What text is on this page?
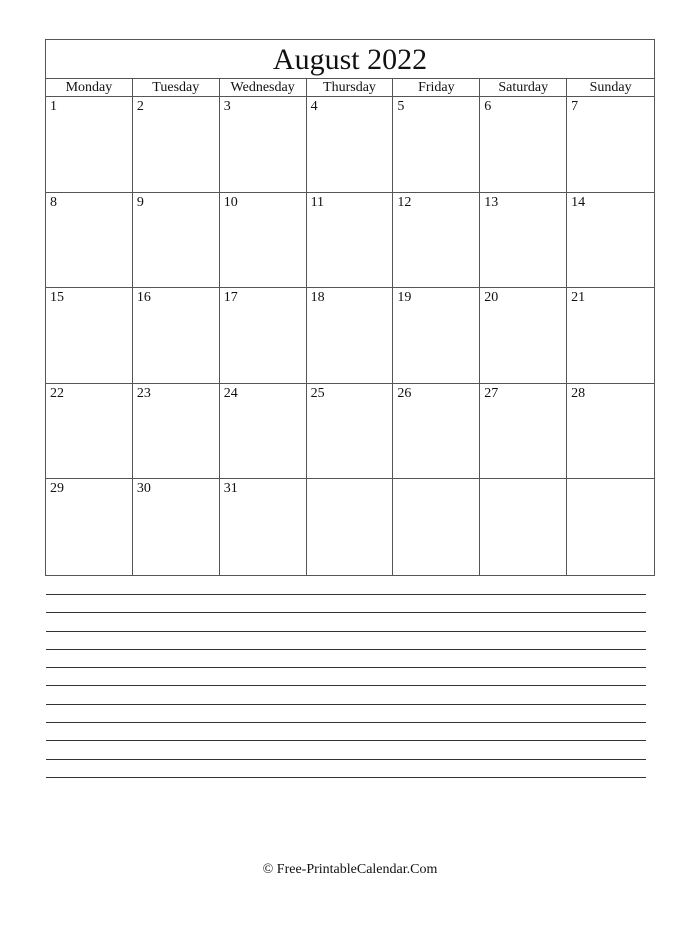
August 2022
Monday	Tuesday	Wednesday	Thursday	Friday	Saturday	Sunday
1	2	3	4	5	6	7
8	9	10	11	12	13	14
15	16	17	18	19	20	21
22	23	24	25	26	27	28
29	30	31
© Free-PrintableCalendar.Com
